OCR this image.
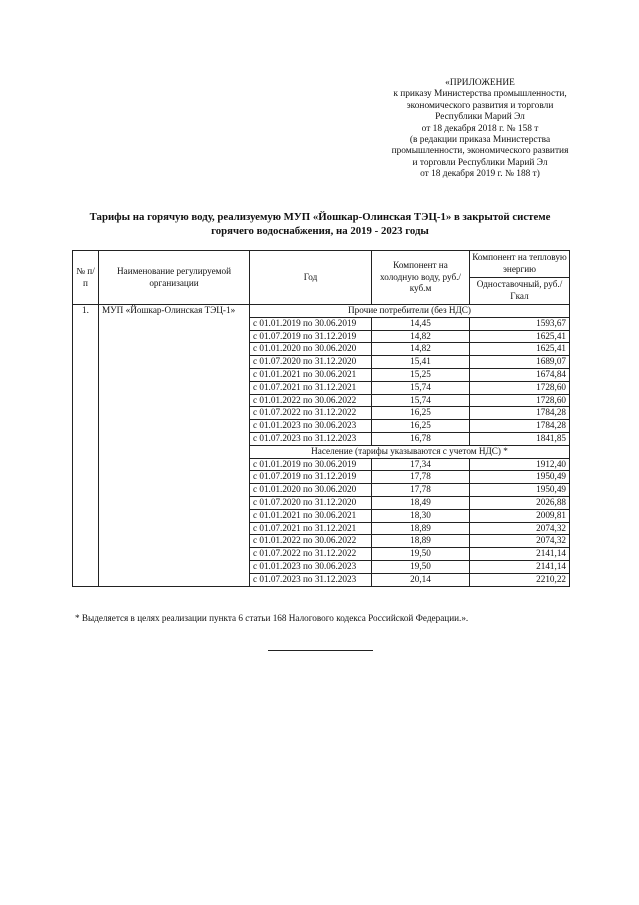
«ПРИЛОЖЕНИЕ
к приказу Министерства промышленности,
экономического развития и торговли
Республики Марий Эл
от 18 декабря 2018 г. № 158 т
(в редакции приказа Министерства
промышленности, экономического развития
и торговли Республики Марий Эл
от 18 декабря 2019 г. № 188 т)
Тарифы на горячую воду, реализуемую МУП «Йошкар-Олинская ТЭЦ-1» в закрытой системе
горячего водоснабжения, на 2019 - 2023 годы
№ п/п	Наименование регулируемой организации	Год	Компонент на холодную воду, руб./куб.м	Компонент на тепловую энергию
				Одноставочный, руб./Гкал
1.	МУП «Йошкар-Олинская ТЭЦ-1»	Прочие потребители (без НДС)		
		с 01.01.2019 по 30.06.2019	14,45	1593,67
		с 01.07.2019 по 31.12.2019	14,82	1625,41
		с 01.01.2020 по 30.06.2020	14,82	1625,41
		с 01.07.2020 по 31.12.2020	15,41	1689,07
		с 01.01.2021 по 30.06.2021	15,25	1674,84
		с 01.07.2021 по 31.12.2021	15,74	1728,60
		с 01.01.2022 по 30.06.2022	15,74	1728,60
		с 01.07.2022 по 31.12.2022	16,25	1784,28
		с 01.01.2023 по 30.06.2023	16,25	1784,28
		с 01.07.2023 по 31.12.2023	16,78	1841,85
		Население (тарифы указываются с учетом НДС) *		
		с 01.01.2019 по 30.06.2019	17,34	1912,40
		с 01.07.2019 по 31.12.2019	17,78	1950,49
		с 01.01.2020 по 30.06.2020	17,78	1950,49
		с 01.07.2020 по 31.12.2020	18,49	2026,88
		с 01.01.2021 по 30.06.2021	18,30	2009,81
		с 01.07.2021 по 31.12.2021	18,89	2074,32
		с 01.01.2022 по 30.06.2022	18,89	2074,32
		с 01.07.2022 по 31.12.2022	19,50	2141,14
		с 01.01.2023 по 30.06.2023	19,50	2141,14
		с 01.07.2023 по 31.12.2023	20,14	2210,22
* Выделяется в целях реализации пункта 6 статьи 168 Налогового кодекса Российской Федерации.».
